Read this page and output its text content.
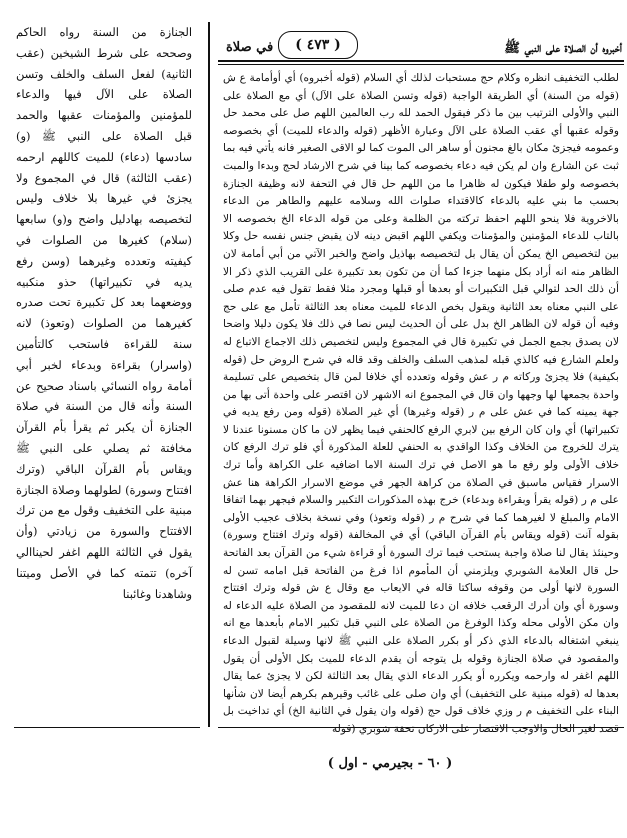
أخبروه أن الصلاة على النبي ﷺ
( ٤٧٣ )
في صلاة

لطلب التخفيف انظره وكلام حج مستحبات لذلك أي السلام (قوله أخبروه) أي أوأمامة ع ش (قوله من السنة) أي الطريقة الواجبة (قوله وتسن الصلاة على الآل) أي مع الصلاة على النبي والأولى الترتيب بين ما ذكر فيقول الحمد لله رب العالمين اللهم صل على محمد حل وقوله عقبها أي عقب الصلاة على الآل وعبارة الأظهر (قوله والدعاء للميت) أي بخصوصه وعمومه فيجزئ مكان بالغ مجنون أو ساهر الى الموت كما لو الاقى الصغير فانه يأتي فيه بما ثبت عن الشارع وان لم يكن فيه دعاء بخصوصه كما بينا في شرح الارشاد لحج وبدءا والمبت بخصوصه ولو طفلا فيكون له ظاهرا ما من اللهم حل قال في التحفة لانه وظيفة الجنازة بحسب ما بني عليه بالدعاء كالاقتداء صلوات الله وسلامه عليهم والطاهر من الدعاء بالاخروية فلا ينحو اللهم احفظ تركته من الظلمة وعلى من قوله الدعاء الخ بخصوصه الا بالتاب للدعاء المؤمنين والمؤمنات ويكفي اللهم اقبض دينه لان يقبض جنس نفسه حل وكلا بين لتخصيص الخ يمكن أن يقال بل لتخصيصه بهاذيل واضح والخبر الآتي من أبي أمامة لان الظاهر منه انه أراد بكل منهما جزءا كما أن من تكون بعد تكبيرة على القريب الذي ذكر الا أن ذلك الحد لتوالي قبل التكبيرات أو بعدها أو قبلها ومجرد مثلا فقط تقول فيه عدم صلى على النبي معناه بعد الثانية ويقول بخص الدعاء للميت معناه بعد الثالثة تأمل مع على حج وفيه أن قوله لان الظاهر الخ بدل على أن الحديث ليس نصا في ذلك فلا يكون دليلا واضحا لان يصدق بجمع الجمل في تكبيرة قال في المجموع وليس لتخصيص ذلك الاجماع الاتباع له ولعلم الشارع فيه كالذي قبله لمذهب السلف والخلف وقد قاله في شرح الروض حل (قوله بكيفية) فلا يجزئ وركاته م ر عش وقوله وتعدده أي خلافا لمن قال بتخصيص على تسليمة واحدة بجمعها لها وجهها وان قال في المجموع انه الاشهر لان اقتصر على واحدة أتى بها من جهة يمينه كما في عش على م ر (قوله وغيرها) أي غير الصلاة (قوله ومن رفع يديه في تكبيراتها) أي وان كان الرفع بين لابري الرفع كالحنفي فيما يظهر لان ما كان مسنونا عندنا لا يترك للخروج من الخلاف وكذا الواقدي به الحنفي للعلة المذكورة أي فلو ترك الرفع كان خلاف الأولى ولو رفع ما هو الاصل في ترك السنة الاما اضافيه على الكراهة وأما ترك الاسرار فقياس ماسبق في الصلاة من كراهة الجهر في موضع الاسرار الكراهة هنا عش على م ر (قوله يقرأ وبقراءة وبدعاء) خرج بهذه المذكورات التكبير والسلام فيجهر بهما اتفاقا الامام والمبلغ لا لغيرهما كما في شرح م ر (قوله وتعوذ) وفي نسخة بخلاف عجيب الأولى بقوله آنت (قوله ويقاس بأم القرآن الباقي) أي في المخالفة (قوله وترك افتتاح وسورة) وحينئذ يقال لنا صلاة واجبة يستحب فيما ترك السورة أو قراءة شيء من القرآن بعد الفاتحة حل قال العلامة الشوبري ويلزمني أن المأموم اذا فرغ من الفاتحة قبل امامه تسن له السورة لانها أولى من وقوفه ساكتا قاله في الايعاب مع وقال ع ش قوله وترك افتتاح وسورة أي وان أدرك الرقعب خلافه ان دعا للميت لانه للمقصود من الصلاة عليه الدعاء له وان مكن الأولى محله وكذا الوفرغ من الصلاة على النبي قبل تكبير الامام بأبعدها مع انه ينبغي اشتغاله بالدعاء الذي ذكر أو بكرر الصلاة على النبي ﷺ لانها وسيلة لقبول الدعاء والمقصود في صلاة الجنازة وقوله بل يتوجه أن يقدم الدعاء للميت بكل الأولى أن يقول اللهم اغفر له وارحمه ويكرره أو يكرر الدعاء الذي يقال بعد الثالثة لكن لا يجزئ عما يقال بعدها له (قوله مبنية على التخفيف) أي وان صلى على غائب وقيرهم بكرهم أيضا لان شأنها البناء على التخفيف م ر وزي خلاف قول حج (قوله وان يقول في الثانية الخ) أي تداخيت بل قصد لغير الحال والاوجب الاقتصار على الاركان تحفة شوبري (قوله

الجنازة من السنة رواه الحاكم وصححه على شرط الشيخين (عقب الثانية) لفعل السلف والخلف وتسن الصلاة على الآل فيها والدعاء للمؤمنين والمؤمنات عقبها والحمد قبل الصلاة على النبي ﷺ (و) سادسها (دعاء) للميت كاللهم ارحمه (عقب الثالثة) قال في المجموع ولا يجزئ في غيرها بلا خلاف وليس لتخصيصه بهادليل واضح و(و) سابعها (سلام) كغيرها من الصلوات في كيفيته وتعدده وغيرهما (وسن رفع يديه في تكبيراتها) حذو منكبيه ووضعهما بعد كل تكبيرة تحت صدره كغيرهما من الصلوات (وتعوذ) لانه سنة للقراءة فاستحب كالتأمين (واسرار) بقراءة وبدعاء لخبر أبي أمامة رواه النسائي باسناد صحيح عن السنة وأنه قال من السنة في صلاة الجنازة أن يكبر ثم يقرأ بأم القرآن مخافتة ثم يصلي على النبي ﷺ ويقاس بأم القرآن الباقي (وترك افتتاح وسورة) لطولهما وصلاة الجنازة مبنية على التخفيف وقول مع من ترك الافتتاح والسورة من زيادتي (وأن يقول في الثالثة اللهم اغفر لحيناالي آخره) تتمته كما في الأصل وميتنا وشاهدنا وغائبنا

( ٦٠ - بجيرمي - اول )
